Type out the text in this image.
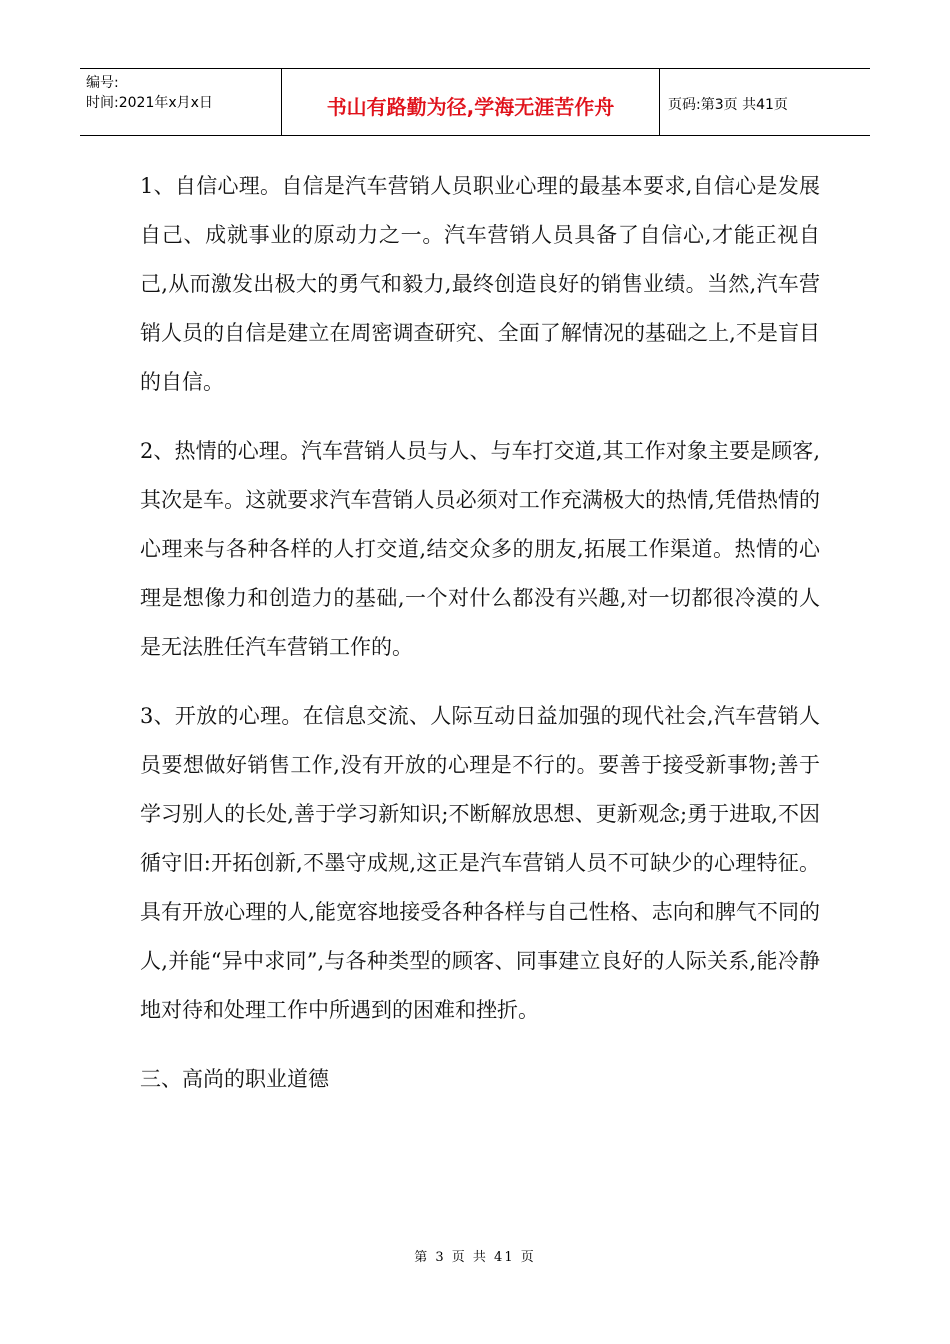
编号:
时间:2021年x月x日	书山有路勤为径,学海无涯苦作舟	页码:第3页 共41页

1、自信心理。自信是汽车营销人员职业心理的最基本要求,自信心是发展自己、成就事业的原动力之一。汽车营销人员具备了自信心,才能正视自己,从而激发出极大的勇气和毅力,最终创造良好的销售业绩。当然,汽车营销人员的自信是建立在周密调查研究、全面了解情况的基础之上,不是盲目的自信。

2、热情的心理。汽车营销人员与人、与车打交道,其工作对象主要是顾客,其次是车。这就要求汽车营销人员必须对工作充满极大的热情,凭借热情的心理来与各种各样的人打交道,结交众多的朋友,拓展工作渠道。热情的心理是想像力和创造力的基础,一个对什么都没有兴趣,对一切都很冷漠的人是无法胜任汽车营销工作的。

3、开放的心理。在信息交流、人际互动日益加强的现代社会,汽车营销人员要想做好销售工作,没有开放的心理是不行的。要善于接受新事物;善于学习别人的长处,善于学习新知识;不断解放思想、更新观念;勇于进取,不因循守旧:开拓创新,不墨守成规,这正是汽车营销人员不可缺少的心理特征。具有开放心理的人,能宽容地接受各种各样与自己性格、志向和脾气不同的人,并能“异中求同”,与各种类型的顾客、同事建立良好的人际关系,能冷静地对待和处理工作中所遇到的困难和挫折。

三、高尚的职业道德

第 3 页 共 41 页
